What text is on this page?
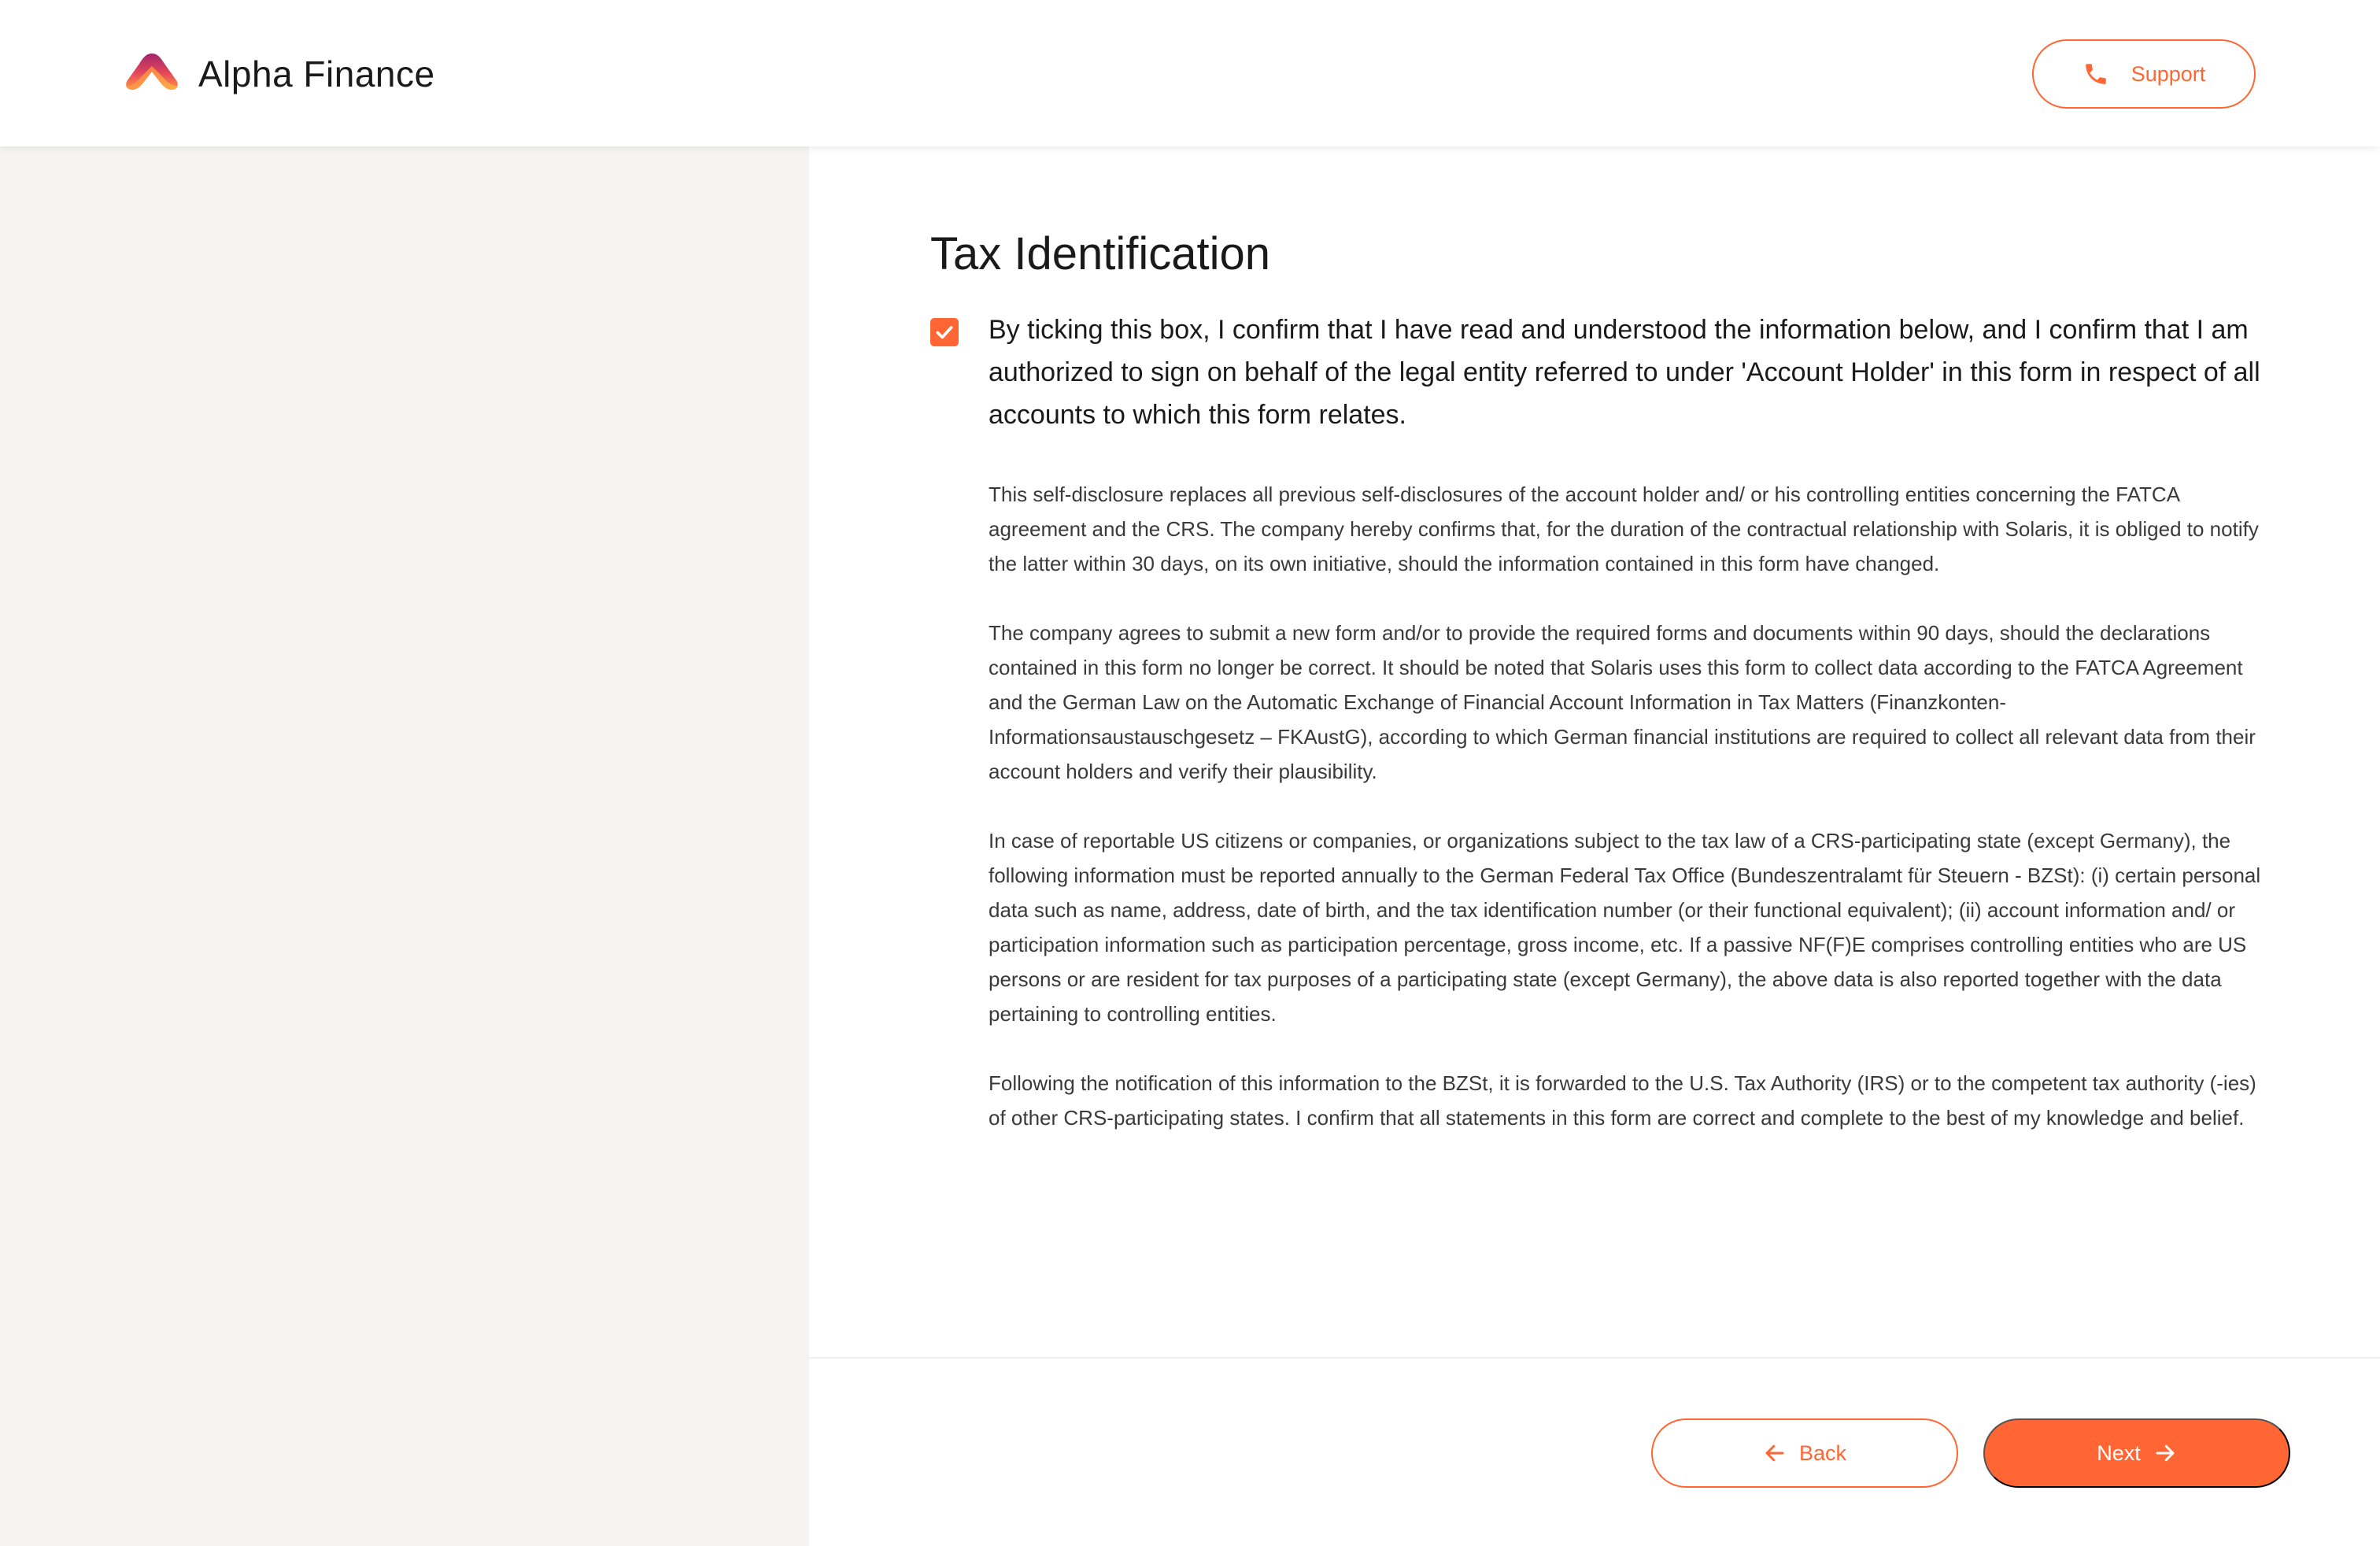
Alpha Finance	Support
Tax Identification
By ticking this box, I confirm that I have read and understood the information below, and I confirm that I am authorized to sign on behalf of the legal entity referred to under 'Account Holder' in this form in respect of all accounts to which this form relates.

This self-disclosure replaces all previous self-disclosures of the account holder and/ or his controlling entities concerning the FATCA agreement and the CRS. The company hereby confirms that, for the duration of the contractual relationship with Solaris, it is obliged to notify the latter within 30 days, on its own initiative, should the information contained in this form have changed.

The company agrees to submit a new form and/or to provide the required forms and documents within 90 days, should the declarations contained in this form no longer be correct. It should be noted that Solaris uses this form to collect data according to the FATCA Agreement and the German Law on the Automatic Exchange of Financial Account Information in Tax Matters (Finanzkonten- Informationsaustauschgesetz – FKAustG), according to which German financial institutions are required to collect all relevant data from their account holders and verify their plausibility.

In case of reportable US citizens or companies, or organizations subject to the tax law of a CRS-participating state (except Germany), the following information must be reported annually to the German Federal Tax Office (Bundeszentralamt für Steuern - BZSt): (i) certain personal data such as name, address, date of birth, and the tax identification number (or their functional equivalent); (ii) account information and/ or participation information such as participation percentage, gross income, etc. If a passive NF(F)E comprises controlling entities who are US persons or are resident for tax purposes of a participating state (except Germany), the above data is also reported together with the data pertaining to controlling entities.

Following the notification of this information to the BZSt, it is forwarded to the U.S. Tax Authority (IRS) or to the competent tax authority (-ies) of other CRS-participating states. I confirm that all statements in this form are correct and complete to the best of my knowledge and belief.

Back	Next
